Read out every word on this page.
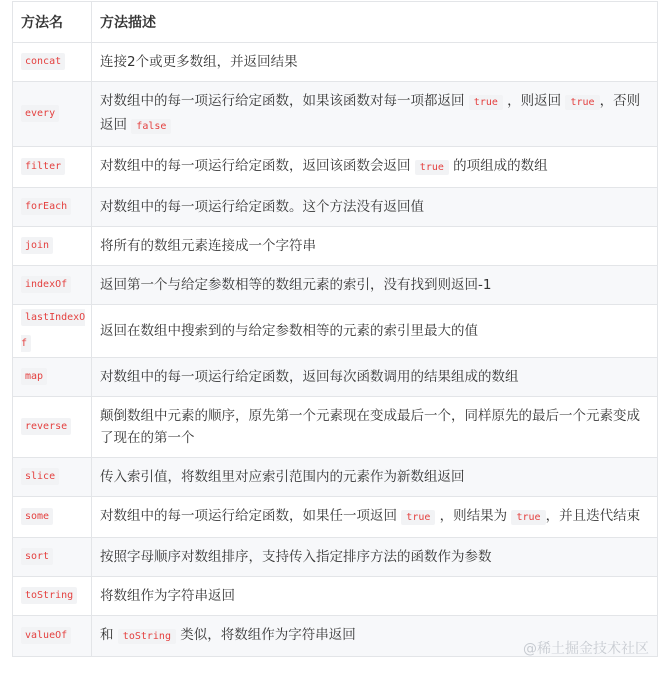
方法名	方法描述
concat	连接2个或更多数组，并返回结果
every	对数组中的每一项运行给定函数，如果该函数对每一项都返回 true ，则返回 true ，否则返回 false
filter	对数组中的每一项运行给定函数，返回该函数会返回 true 的项组成的数组
forEach	对数组中的每一项运行给定函数。这个方法没有返回值
join	将所有的数组元素连接成一个字符串
indexOf	返回第一个与给定参数相等的数组元素的索引，没有找到则返回-1
lastIndexOf	返回在数组中搜索到的与给定参数相等的元素的索引里最大的值
map	对数组中的每一项运行给定函数，返回每次函数调用的结果组成的数组
reverse	颠倒数组中元素的顺序，原先第一个元素现在变成最后一个，同样原先的最后一个元素变成了现在的第一个
slice	传入索引值，将数组里对应索引范围内的元素作为新数组返回
some	对数组中的每一项运行给定函数，如果任一项返回 true ，则结果为 true ，并且迭代结束
sort	按照字母顺序对数组排序，支持传入指定排序方法的函数作为参数
toString	将数组作为字符串返回
valueOf	和 toString 类似，将数组作为字符串返回
@稀土掘金技术社区
